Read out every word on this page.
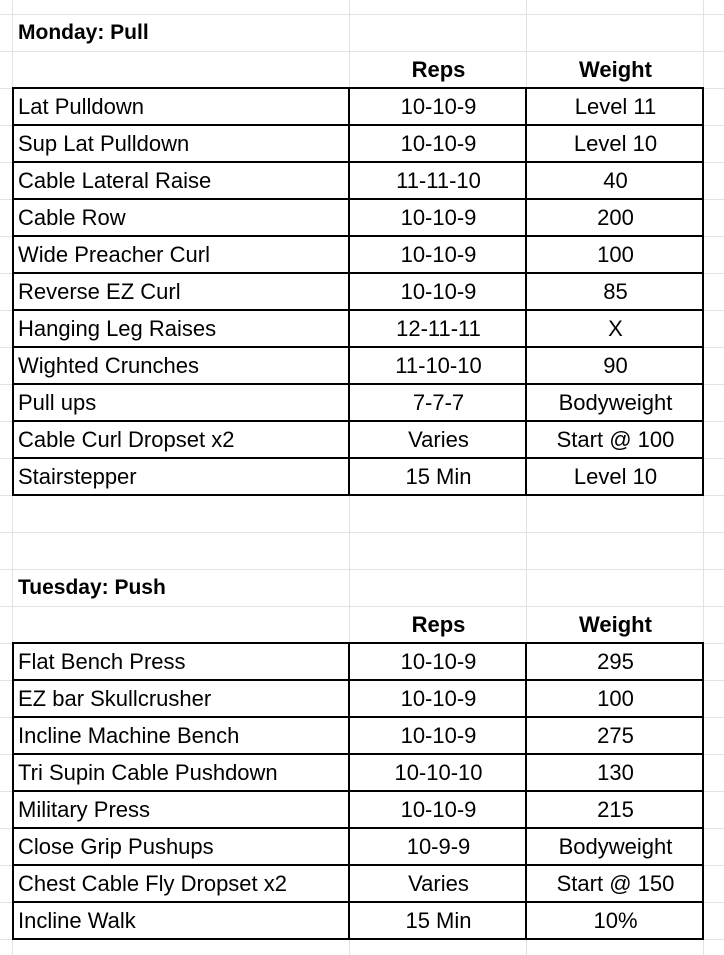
Monday: Pull
Reps	Weight
Lat Pulldown	10-10-9	Level 11
Sup Lat Pulldown	10-10-9	Level 10
Cable Lateral Raise	11-11-10	40
Cable Row	10-10-9	200
Wide Preacher Curl	10-10-9	100
Reverse EZ Curl	10-10-9	85
Hanging Leg Raises	12-11-11	X
Wighted Crunches	11-10-10	90
Pull ups	7-7-7	Bodyweight
Cable Curl Dropset x2	Varies	Start @ 100
Stairstepper	15 Min	Level 10
Tuesday: Push
Reps	Weight
Flat Bench Press	10-10-9	295
EZ bar Skullcrusher	10-10-9	100
Incline Machine Bench	10-10-9	275
Tri Supin Cable Pushdown	10-10-10	130
Military Press	10-10-9	215
Close Grip Pushups	10-9-9	Bodyweight
Chest Cable Fly Dropset x2	Varies	Start @ 150
Incline Walk	15 Min	10%
